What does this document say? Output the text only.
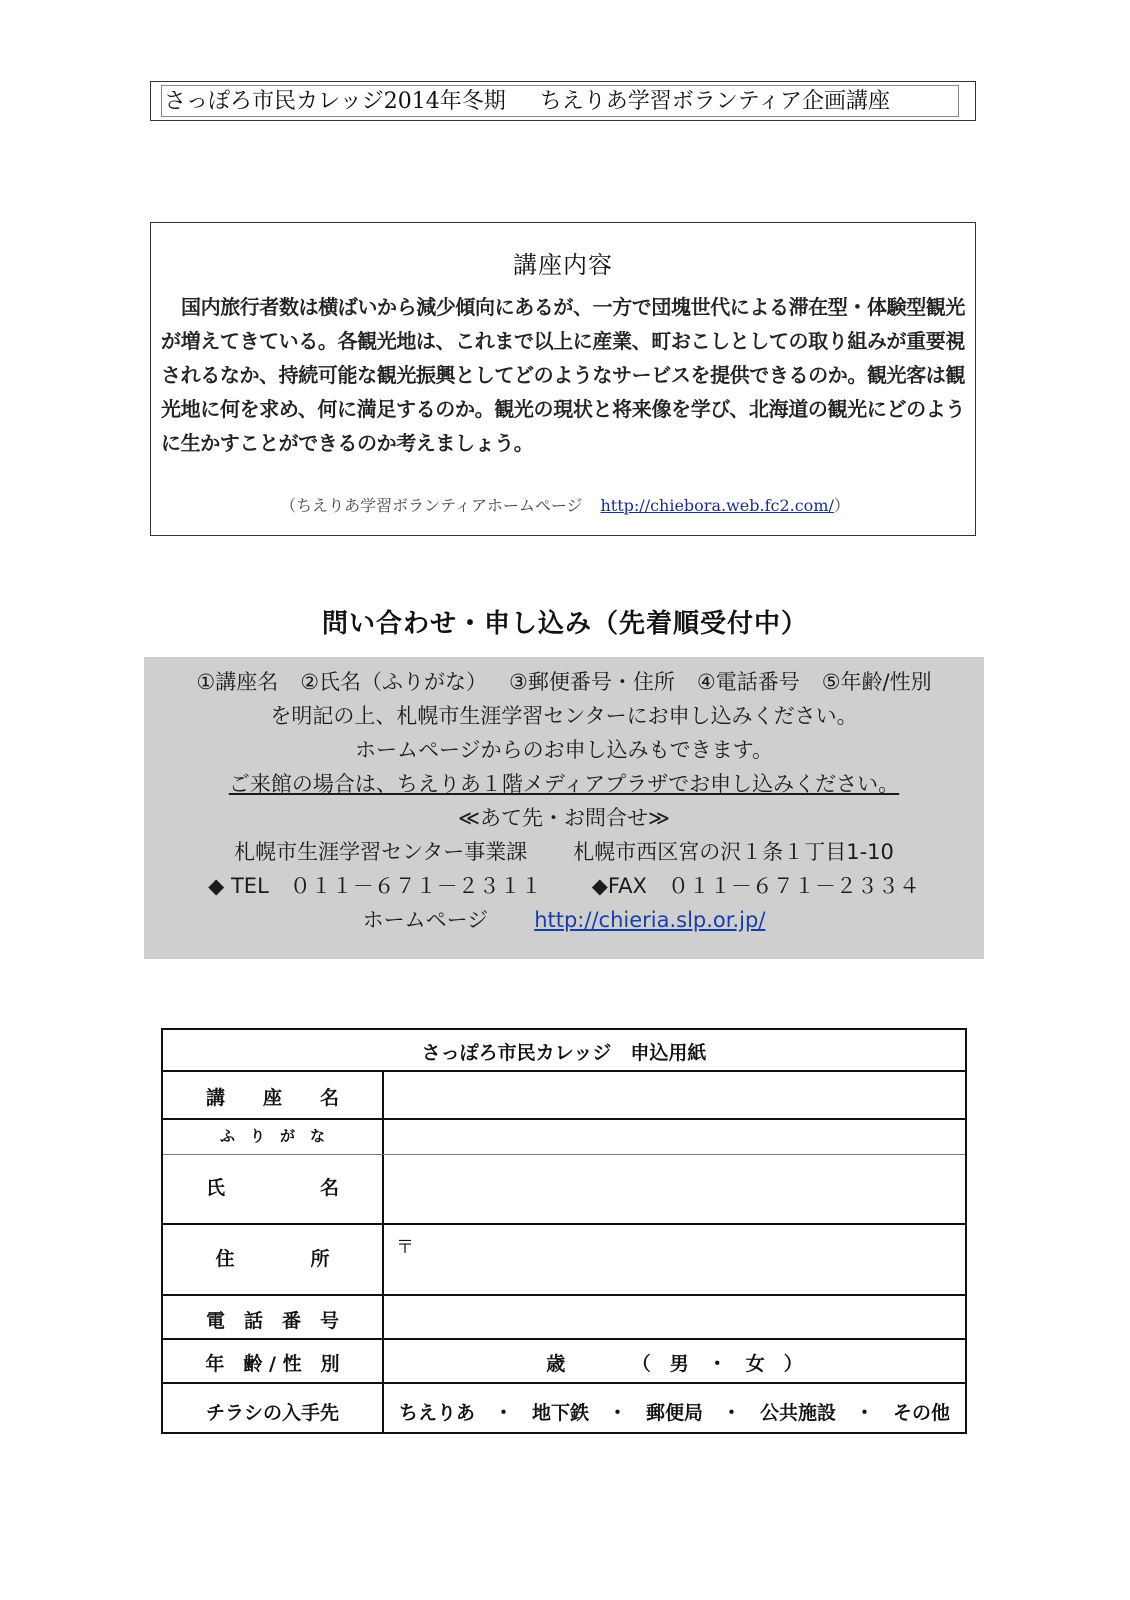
さっぽろ市民カレッジ2014年冬期 ちえりあ学習ボランティア企画講座
講座内容
国内旅行者数は横ばいから減少傾向にあるが、一方で団塊世代による滞在型・体験型観光が増えてきている。各観光地は、これまで以上に産業、町おこしとしての取り組みが重要視されるなか、持続可能な観光振興としてどのようなサービスを提供できるのか。観光客は観光地に何を求め、何に満足するのか。観光の現状と将来像を学び、北海道の観光にどのように生かすことができるのか考えましょう。
（ちえりあ学習ボランティアホームページ http://chiebora.web.fc2.com/）
問い合わせ・申し込み（先着順受付中）
①講座名 ②氏名（ふりがな） ③郵便番号・住所 ④電話番号 ⑤年齢/性別
を明記の上、札幌市生涯学習センターにお申し込みください。
ホームページからのお申し込みもできます。
ご来館の場合は、ちえりあ１階メディアプラザでお申し込みください。
≪あて先・お問合せ≫
札幌市生涯学習センター事業課 札幌市西区宮の沢１条１丁目1-10
◆ TEL　０１１－６７１－２３１１ ◆FAX　０１１－６７１－２３３４
ホームページ http://chieria.slp.or.jp/
さっぽろ市民カレッジ　申込用紙
講　　座　　名
ふ　り　が　な
氏　　　　　名
住　　　　所
〒
電　話　番　号
年　齢 / 性　別	歳　　　　（　男　・　女　）
チラシの入手先	ちえりあ　・　地下鉄　・　郵便局　・　公共施設　・　その他
